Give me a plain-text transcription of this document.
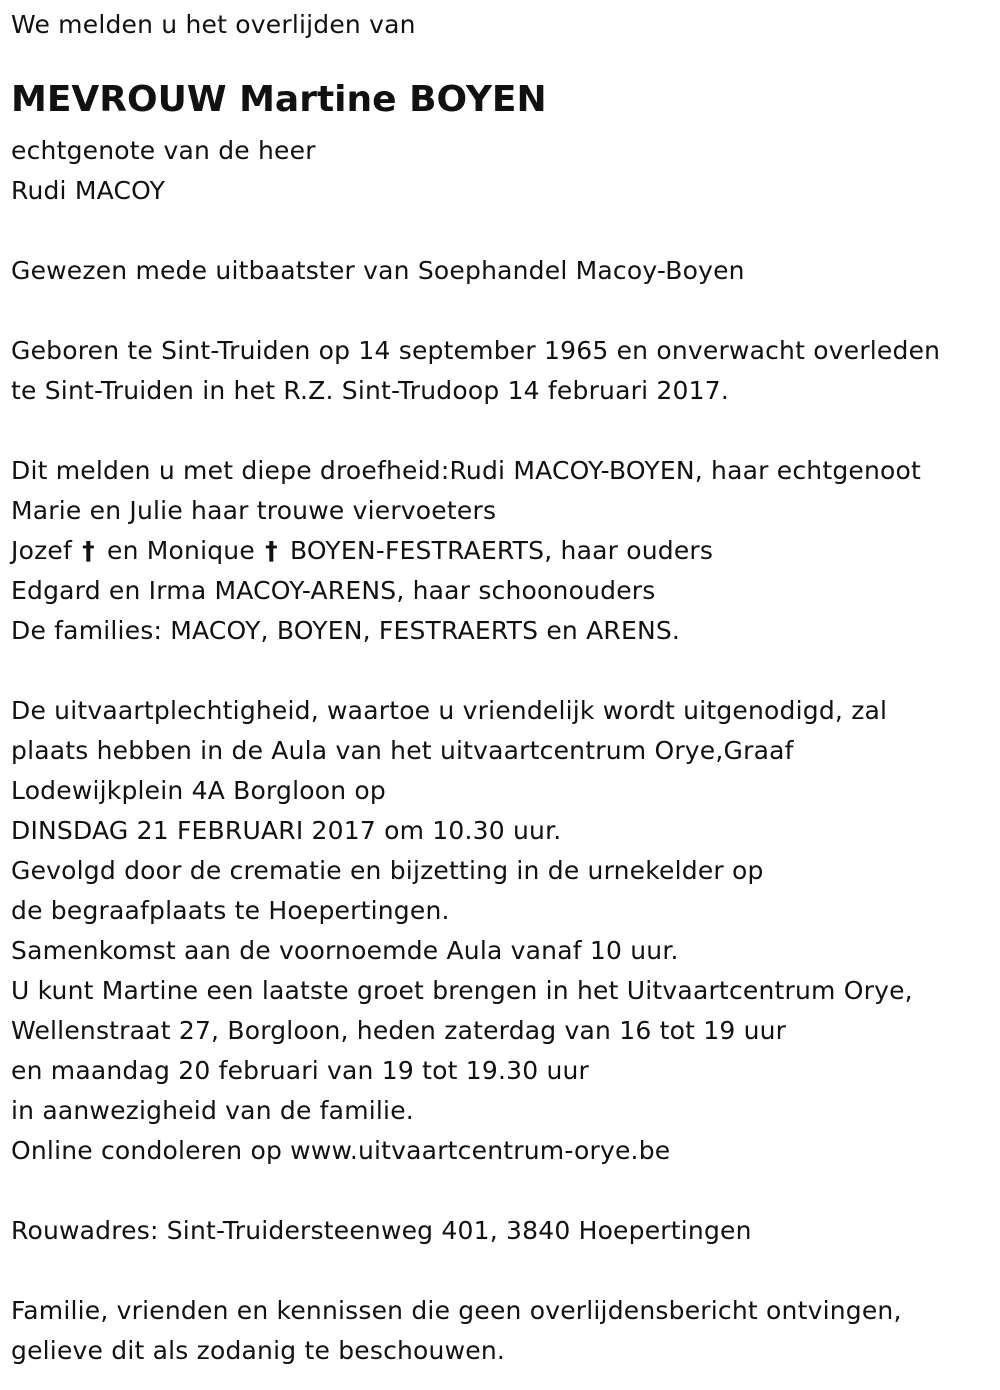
We melden u het overlijden van
MEVROUW Martine BOYEN
echtgenote van de heer
Rudi MACOY
Gewezen mede uitbaatster van Soephandel Macoy-Boyen
Geboren te Sint-Truiden op 14 september 1965 en onverwacht overleden
te Sint-Truiden in het R.Z. Sint-Trudoop 14 februari 2017.
Dit melden u met diepe droefheid:Rudi MACOY-BOYEN, haar echtgenoot
Marie en Julie haar trouwe viervoeters
Jozef † en Monique † BOYEN-FESTRAERTS, haar ouders
Edgard en Irma MACOY-ARENS, haar schoonouders
De families: MACOY, BOYEN, FESTRAERTS en ARENS.
De uitvaartplechtigheid, waartoe u vriendelijk wordt uitgenodigd, zal
plaats hebben in de Aula van het uitvaartcentrum Orye,Graaf
Lodewijkplein 4A Borgloon op
DINSDAG 21 FEBRUARI 2017 om 10.30 uur.
Gevolgd door de crematie en bijzetting in de urnekelder op
de begraafplaats te Hoepertingen.
Samenkomst aan de voornoemde Aula vanaf 10 uur.
U kunt Martine een laatste groet brengen in het Uitvaartcentrum Orye,
Wellenstraat 27, Borgloon, heden zaterdag van 16 tot 19 uur
en maandag 20 februari van 19 tot 19.30 uur
in aanwezigheid van de familie.
Online condoleren op www.uitvaartcentrum-orye.be
Rouwadres: Sint-Truidersteenweg 401, 3840 Hoepertingen
Familie, vrienden en kennissen die geen overlijdensbericht ontvingen,
gelieve dit als zodanig te beschouwen.
